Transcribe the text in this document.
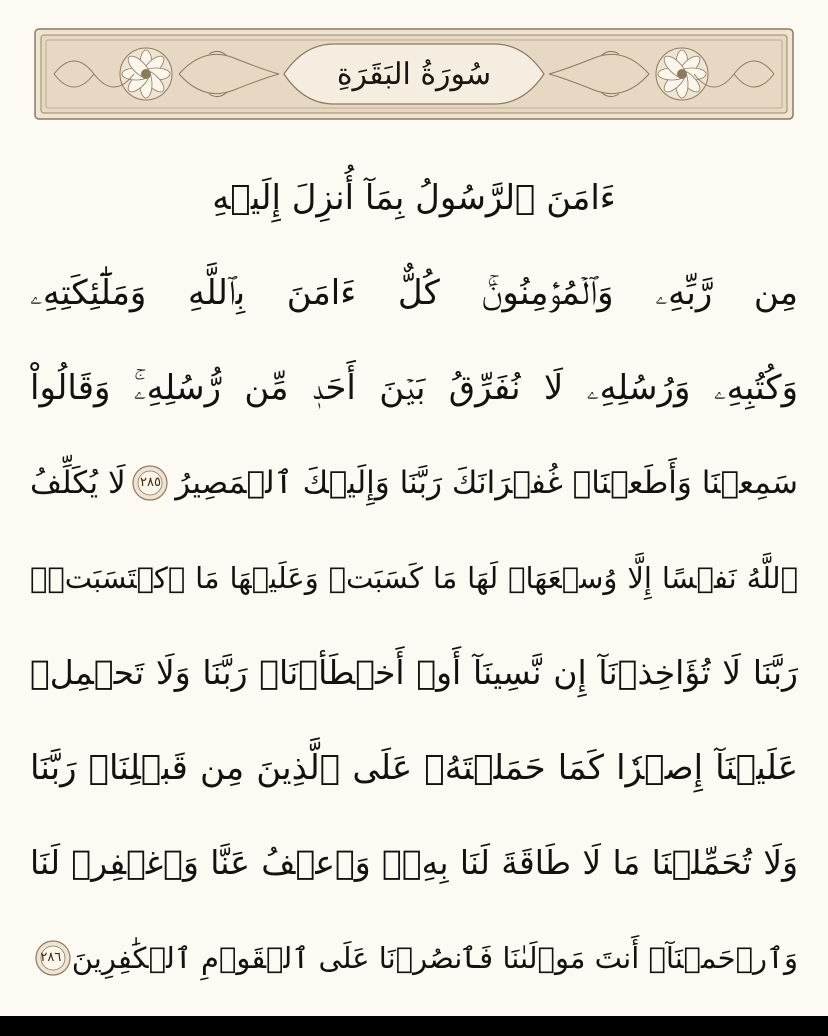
سُورَةُ البَقَرَةِ
ءَامَنَ ٱلرَّسُولُ بِمَآ أُنزِلَ إِلَيۡهِ
مِن رَّبِّهِۦ وَٱلۡمُؤۡمِنُونَۚ كُلٌّ ءَامَنَ بِٱللَّهِ وَمَلَٰٓئِكَتِهِۦ
وَكُتُبِهِۦ وَرُسُلِهِۦ لَا نُفَرِّقُ بَيۡنَ أَحَدٖ مِّن رُّسُلِهِۦۚ وَقَالُواْ
سَمِعۡنَا وَأَطَعۡنَاۖ غُفۡرَانَكَ رَبَّنَا وَإِلَيۡكَ ٱلۡمَصِيرُ
٢٨٥
لَا يُكَلِّفُ
ٱللَّهُ نَفۡسًا إِلَّا وُسۡعَهَاۚ لَهَا مَا كَسَبَتۡ وَعَلَيۡهَا مَا ٱكۡتَسَبَتۡۗ
رَبَّنَا لَا تُؤَاخِذۡنَآ إِن نَّسِينَآ أَوۡ أَخۡطَأۡنَاۚ رَبَّنَا وَلَا تَحۡمِلۡ
عَلَيۡنَآ إِصۡرٗا كَمَا حَمَلۡتَهُۥ عَلَى ٱلَّذِينَ مِن قَبۡلِنَاۚ رَبَّنَا
وَلَا تُحَمِّلۡنَا مَا لَا طَاقَةَ لَنَا بِهِۦۖ وَٱعۡفُ عَنَّا وَٱغۡفِرۡ لَنَا
وَٱرۡحَمۡنَآۚ أَنتَ مَوۡلَىٰنَا فَٱنصُرۡنَا عَلَى ٱلۡقَوۡمِ ٱلۡكَٰفِرِينَ
٢٨٦
